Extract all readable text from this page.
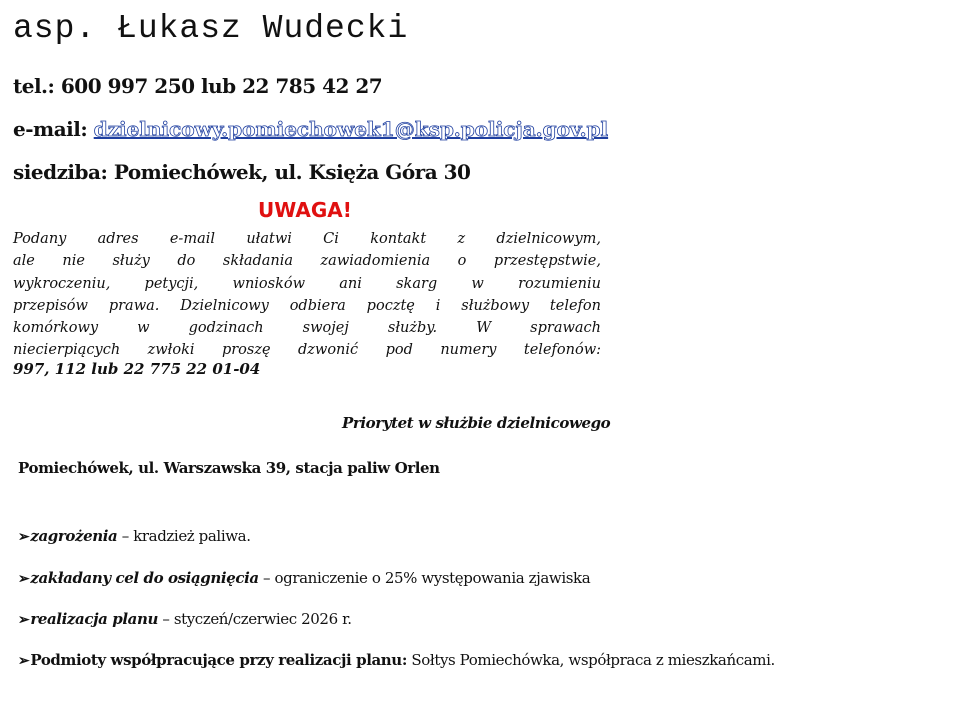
asp. Łukasz Wudecki
tel.: 600 997 250 lub 22 785 42 27
e-mail: dzielnicowy.pomiechowek1@ksp.policja.gov.pl
siedziba: Pomiechówek, ul. Księża Góra 30
UWAGA!
Podany adres e-mail ułatwi Ci kontakt z dzielnicowym,
ale nie służy do składania zawiadomienia o przestępstwie,
wykroczeniu, petycji, wniosków ani skarg w rozumieniu
przepisów prawa. Dzielnicowy odbiera pocztę i służbowy telefon
komórkowy w godzinach swojej służby. W sprawach
niecierpiących zwłoki proszę dzwonić pod numery telefonów:
997, 112 lub 22 775 22 01-04
Priorytet w służbie dzielnicowego
Pomiechówek, ul. Warszawska 39, stacja paliw Orlen
➢zagrożenia – kradzież paliwa.
➢zakładany cel do osiągnięcia – ograniczenie o 25% występowania zjawiska
➢realizacja planu – styczeń/czerwiec 2026 r.
➢Podmioty współpracujące przy realizacji planu: Sołtys Pomiechówka, współpraca z mieszkańcami.
